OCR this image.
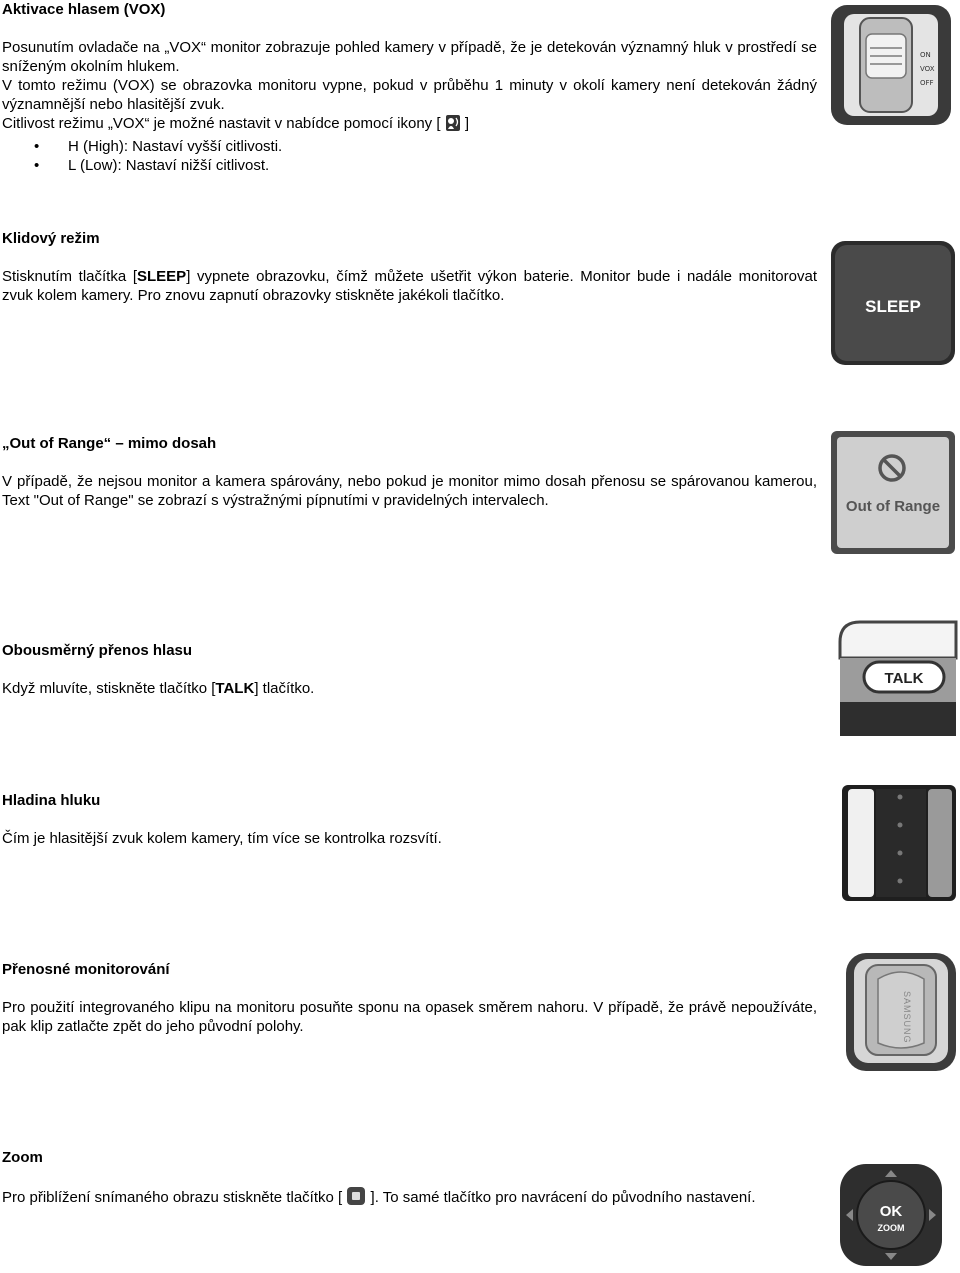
Aktivace hlasem (VOX)

Posunutím ovladače na „VOX“ monitor zobrazuje pohled kamery v případě, že je detekován významný hluk v prostředí se sníženým okolním hlukem.

V tomto režimu (VOX) se obrazovka monitoru vypne, pokud v průběhu 1 minuty v okolí kamery není detekován žádný významnější nebo hlasitější zvuk.

Citlivost režimu „VOX“ je možné nastavit v nabídce pomocí ikony [ ]

• H (High): Nastaví vyšší citlivosti.
• L (Low): Nastaví nižší citlivost.
ON
VOX
OFF

Klidový režim

Stisknutím tlačítka [SLEEP] vypnete obrazovku, čímž můžete ušetřit výkon baterie. Monitor bude i nadále monitorovat zvuk kolem kamery. Pro znovu zapnutí obrazovky stiskněte jakékoli tlačítko.

SLEEP

„Out of Range“ – mimo dosah

V případě, že nejsou monitor a kamera spárovány, nebo pokud je monitor mimo dosah přenosu se spárovanou kamerou, Text "Out of Range" se zobrazí s výstražnými pípnutími v pravidelných intervalech.	Out of Range

Obousměrný přenos hlasu

Když mluvíte, stiskněte tlačítko [TALK] tlačítko.

TALK

Hladina hluku

Čím je hlasitější zvuk kolem kamery, tím více se kontrolka rozsvítí.

Přenosné monitorování

Pro použití integrovaného klipu na monitoru posuňte sponu na opasek směrem nahoru. V případě, že právě nepoužíváte, pak klip zatlačte zpět do jeho původní polohy.	SAMSUNG

Zoom

Pro přiblížení snímaného obrazu stiskněte tlačítko [ ]. To samé tlačítko pro navrácení do původního nastavení.

OK
ZOOM
